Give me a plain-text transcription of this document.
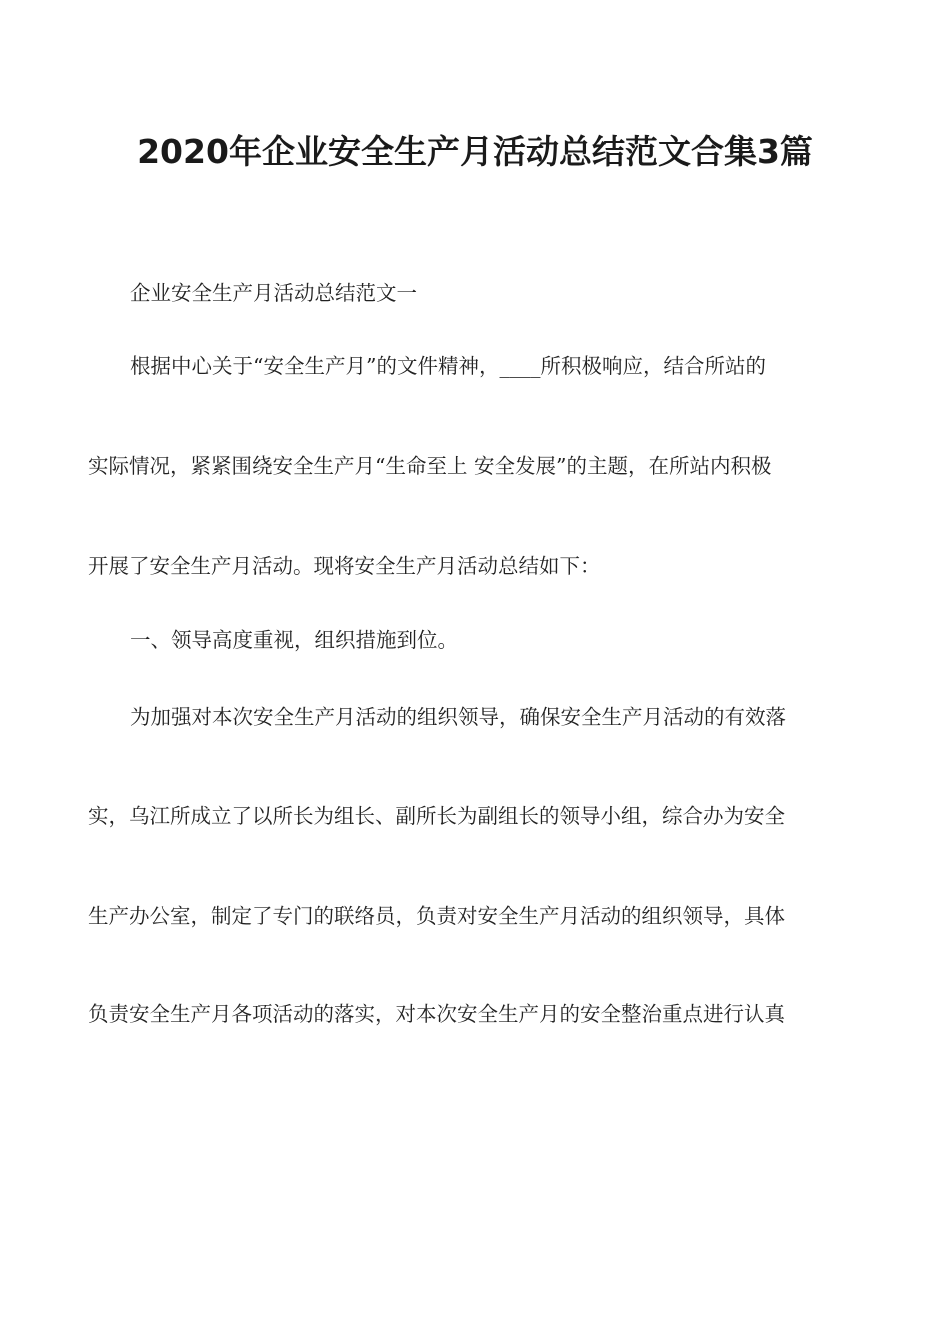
2020年企业安全生产月活动总结范文合集3篇
企业安全生产月活动总结范文一
根据中心关于“安全生产月”的文件精神，____所积极响应，结合所站的
实际情况，紧紧围绕安全生产月“生命至上 安全发展”的主题，在所站内积极
开展了安全生产月活动。现将安全生产月活动总结如下：
一、领导高度重视，组织措施到位。
为加强对本次安全生产月活动的组织领导，确保安全生产月活动的有效落
实，乌江所成立了以所长为组长、副所长为副组长的领导小组，综合办为安全
生产办公室，制定了专门的联络员，负责对安全生产月活动的组织领导，具体
负责安全生产月各项活动的落实，对本次安全生产月的安全整治重点进行认真
